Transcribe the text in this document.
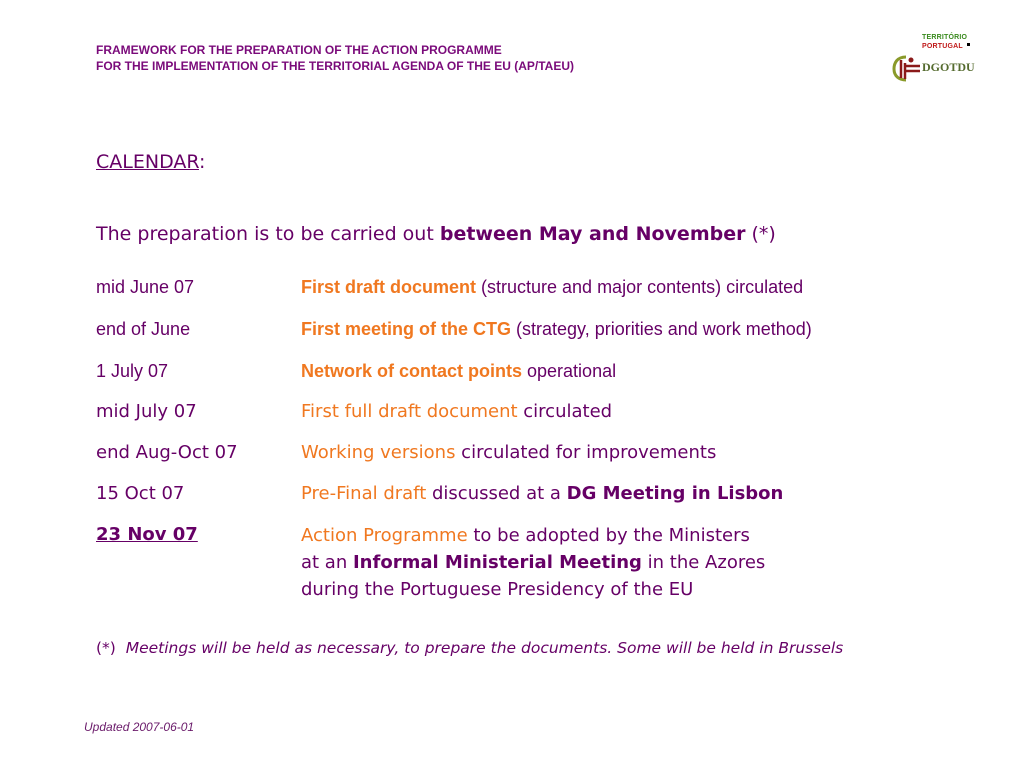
FRAMEWORK FOR THE PREPARATION OF THE ACTION PROGRAMME
FOR THE IMPLEMENTATION OF THE TERRITORIAL AGENDA OF THE EU (AP/TAEU)
TERRITÓRIO
PORTUGAL
DGOTDU
CALENDAR:
The preparation is to be carried out between May and November (*)
mid June 07	First draft document (structure and major contents) circulated
end of June	First meeting of the CTG (strategy, priorities and work method)
1 July 07	Network of contact points operational
mid July 07	First full draft document circulated
end Aug-Oct 07	Working versions circulated for improvements
15 Oct 07	Pre-Final draft discussed at a DG Meeting in Lisbon
23 Nov 07	Action Programme to be adopted by the Ministers
at an Informal Ministerial Meeting in the Azores
during the Portuguese Presidency of the EU
(*) Meetings will be held as necessary, to prepare the documents. Some will be held in Brussels
Updated 2007-06-01
